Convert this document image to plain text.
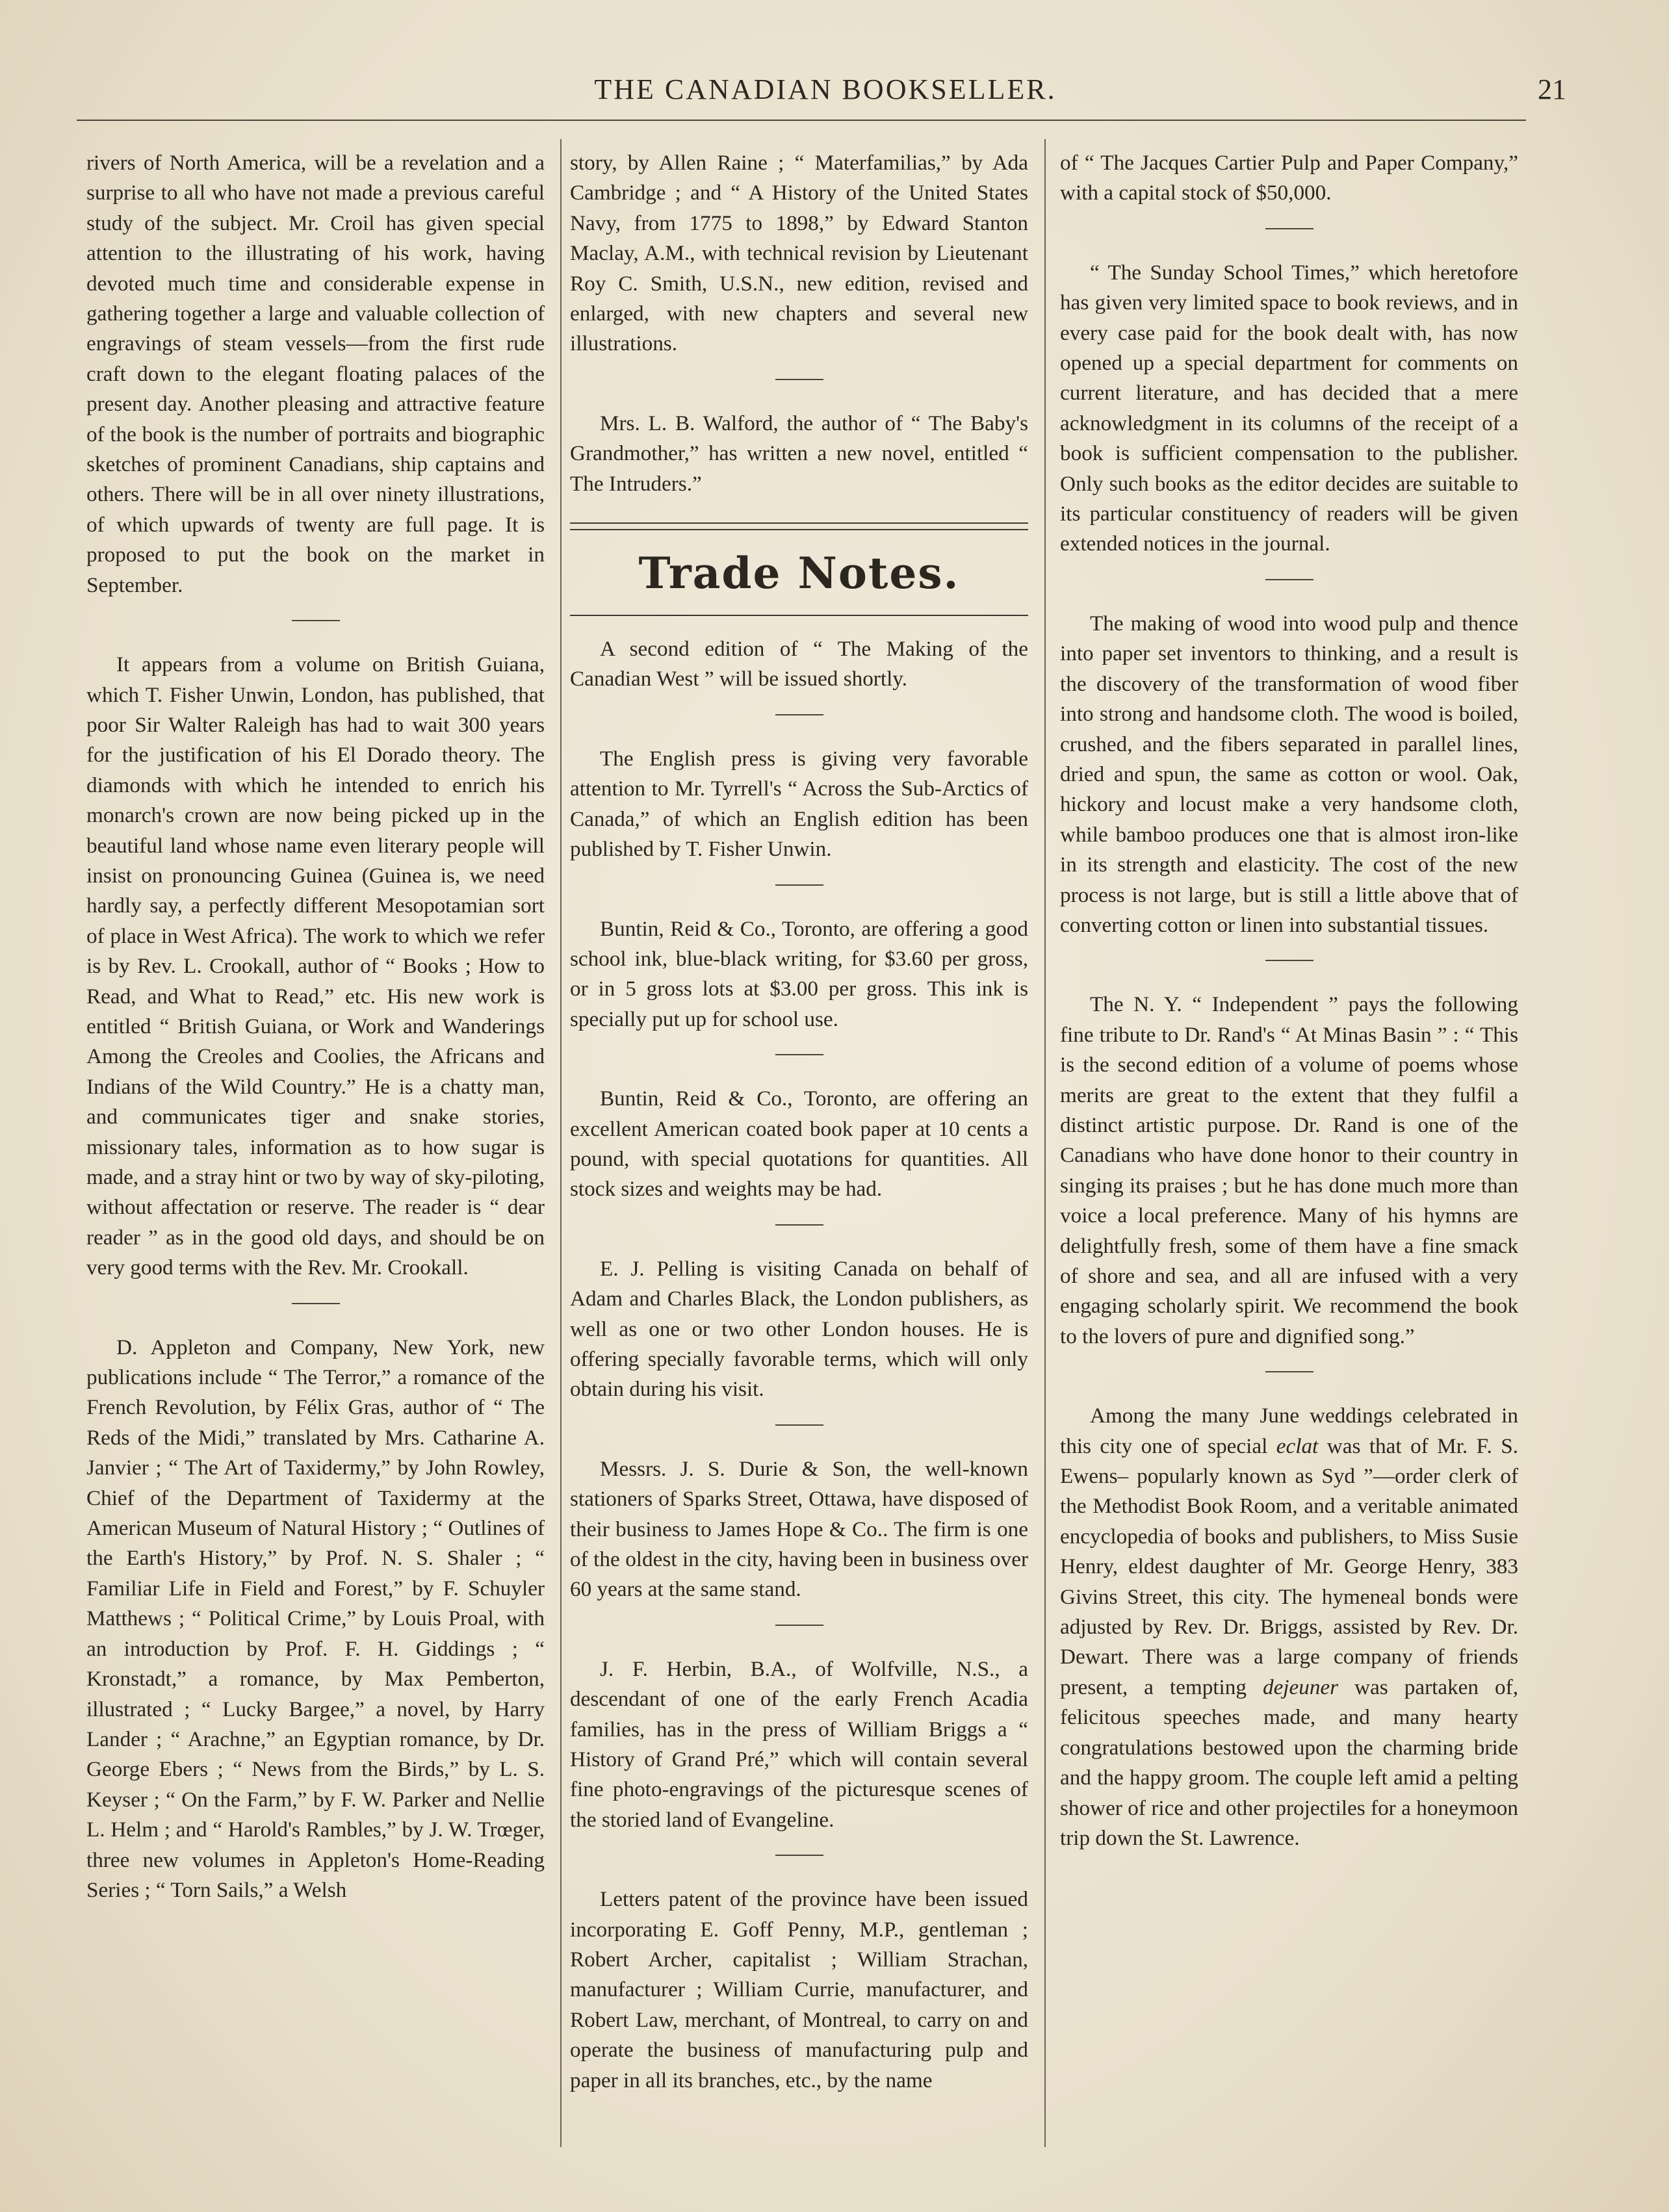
THE CANADIAN BOOKSELLER.	21

rivers of North America, will be a revelation and a surprise to all who have not made a previous careful study of the subject. Mr. Croil has given special attention to the illustrating of his work, having devoted much time and considerable expense in gathering together a large and valuable collection of engravings of steam vessels—from the first rude craft down to the elegant floating palaces of the present day. Another pleasing and attractive feature of the book is the number of portraits and biographic sketches of prominent Canadians, ship captains and others. There will be in all over ninety illustrations, of which upwards of twenty are full page. It is proposed to put the book on the market in September.

It appears from a volume on British Guiana, which T. Fisher Unwin, London, has published, that poor Sir Walter Raleigh has had to wait 300 years for the justification of his El Dorado theory. The diamonds with which he intended to enrich his monarch's crown are now being picked up in the beautiful land whose name even literary people will insist on pronouncing Guinea (Guinea is, we need hardly say, a perfectly different Mesopotamian sort of place in West Africa). The work to which we refer is by Rev. L. Crookall, author of “ Books ; How to Read, and What to Read,” etc. His new work is entitled “ British Guiana, or Work and Wanderings Among the Creoles and Coolies, the Africans and Indians of the Wild Country.” He is a chatty man, and communicates tiger and snake stories, missionary tales, information as to how sugar is made, and a stray hint or two by way of sky-piloting, without affectation or reserve. The reader is “ dear reader ” as in the good old days, and should be on very good terms with the Rev. Mr. Crookall.

D. Appleton and Company, New York, new publications include “ The Terror,” a romance of the French Revolution, by Félix Gras, author of “ The Reds of the Midi,” translated by Mrs. Catharine A. Janvier ; “ The Art of Taxidermy,” by John Rowley, Chief of the Department of Taxidermy at the American Museum of Natural History ; “ Outlines of the Earth's History,” by Prof. N. S. Shaler ; “ Familiar Life in Field and Forest,” by F. Schuyler Matthews ; “ Political Crime,” by Louis Proal, with an introduction by Prof. F. H. Giddings ; “ Kronstadt,” a romance, by Max Pemberton, illustrated ; “ Lucky Bargee,” a novel, by Harry Lander ; “ Arachne,” an Egyptian romance, by Dr. George Ebers ; “ News from the Birds,” by L. S. Keyser ; “ On the Farm,” by F. W. Parker and Nellie L. Helm ; and “ Harold's Rambles,” by J. W. Trœger, three new volumes in Appleton's Home-Reading Series ; “ Torn Sails,” a Welsh

story, by Allen Raine ; “ Materfamilias,” by Ada Cambridge ; and “ A History of the United States Navy, from 1775 to 1898,” by Edward Stanton Maclay, A.M., with technical revision by Lieutenant Roy C. Smith, U.S.N., new edition, revised and enlarged, with new chapters and several new illustrations.

Mrs. L. B. Walford, the author of “ The Baby's Grandmother,” has written a new novel, entitled “ The Intruders.”

Trade Notes.

A second edition of “ The Making of the Canadian West ” will be issued shortly.

The English press is giving very favorable attention to Mr. Tyrrell's “ Across the Sub-Arctics of Canada,” of which an English edition has been published by T. Fisher Unwin.

Buntin, Reid & Co., Toronto, are offering a good school ink, blue-black writing, for $3.60 per gross, or in 5 gross lots at $3.00 per gross. This ink is specially put up for school use.

Buntin, Reid & Co., Toronto, are offering an excellent American coated book paper at 10 cents a pound, with special quotations for quantities. All stock sizes and weights may be had.

E. J. Pelling is visiting Canada on behalf of Adam and Charles Black, the London publishers, as well as one or two other London houses. He is offering specially favorable terms, which will only obtain during his visit.

Messrs. J. S. Durie & Son, the well-known stationers of Sparks Street, Ottawa, have disposed of their business to James Hope & Co.. The firm is one of the oldest in the city, having been in business over 60 years at the same stand.

J. F. Herbin, B.A., of Wolfville, N.S., a descendant of one of the early French Acadia families, has in the press of William Briggs a “ History of Grand Pré,” which will contain several fine photo-engravings of the picturesque scenes of the storied land of Evangeline.

Letters patent of the province have been issued incorporating E. Goff Penny, M.P., gentleman ; Robert Archer, capitalist ; William Strachan, manufacturer ; William Currie, manufacturer, and Robert Law, merchant, of Montreal, to carry on and operate the business of manufacturing pulp and paper in all its branches, etc., by the name

of “ The Jacques Cartier Pulp and Paper Company,” with a capital stock of $50,000.

“ The Sunday School Times,” which heretofore has given very limited space to book reviews, and in every case paid for the book dealt with, has now opened up a special department for comments on current literature, and has decided that a mere acknowledgment in its columns of the receipt of a book is sufficient compensation to the publisher. Only such books as the editor decides are suitable to its particular constituency of readers will be given extended notices in the journal.

The making of wood into wood pulp and thence into paper set inventors to thinking, and a result is the discovery of the transformation of wood fiber into strong and handsome cloth. The wood is boiled, crushed, and the fibers separated in parallel lines, dried and spun, the same as cotton or wool. Oak, hickory and locust make a very handsome cloth, while bamboo produces one that is almost iron-like in its strength and elasticity. The cost of the new process is not large, but is still a little above that of converting cotton or linen into substantial tissues.

The N. Y. “ Independent ” pays the following fine tribute to Dr. Rand's “ At Minas Basin ” : “ This is the second edition of a volume of poems whose merits are great to the extent that they fulfil a distinct artistic purpose. Dr. Rand is one of the Canadians who have done honor to their country in singing its praises ; but he has done much more than voice a local preference. Many of his hymns are delightfully fresh, some of them have a fine smack of shore and sea, and all are infused with a very engaging scholarly spirit. We recommend the book to the lovers of pure and dignified song.”

Among the many June weddings celebrated in this city one of special eclat was that of Mr. F. S. Ewens– popularly known as Syd ”—order clerk of the Methodist Book Room, and a veritable animated encyclopedia of books and publishers, to Miss Susie Henry, eldest daughter of Mr. George Henry, 383 Givins Street, this city. The hymeneal bonds were adjusted by Rev. Dr. Briggs, assisted by Rev. Dr. Dewart. There was a large company of friends present, a tempting dejeuner was partaken of, felicitous speeches made, and many hearty congratulations bestowed upon the charming bride and the happy groom. The couple left amid a pelting shower of rice and other projectiles for a honeymoon trip down the St. Lawrence.
